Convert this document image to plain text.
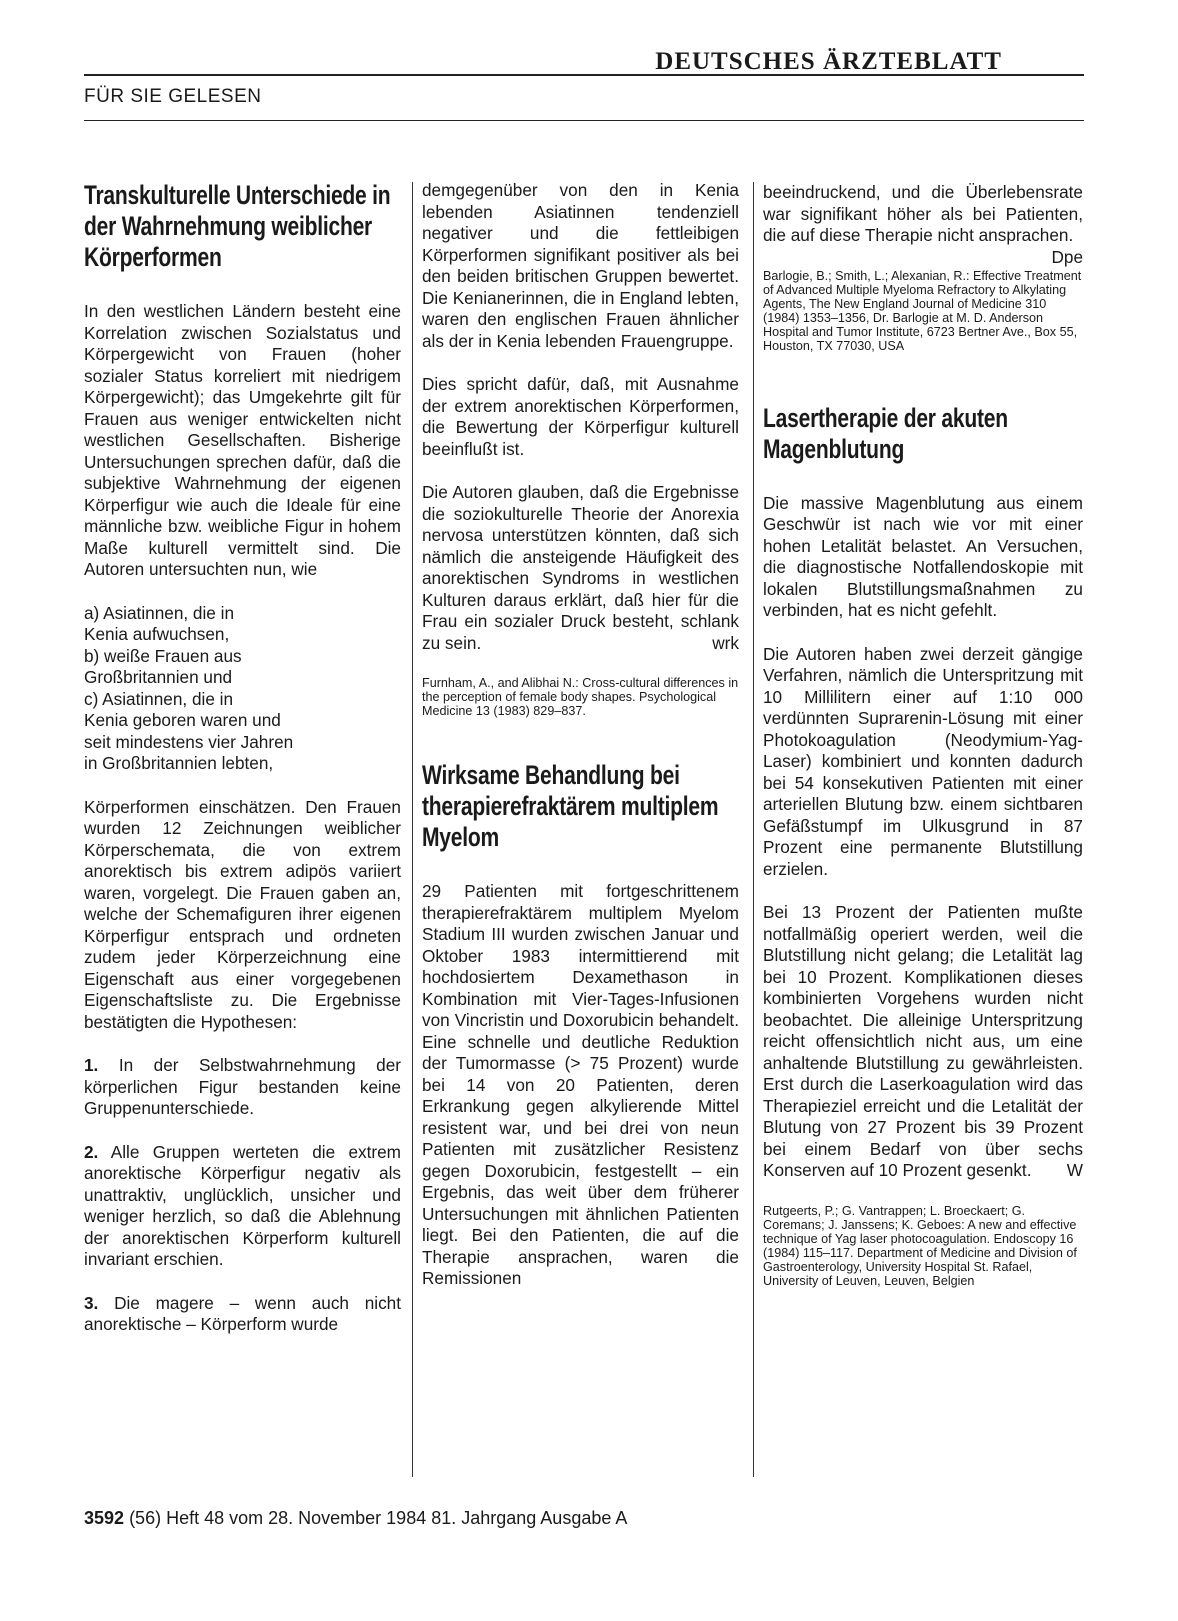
DEUTSCHES ÄRZTEBLATT
FÜR SIE GELESEN
Transkulturelle Unterschiede in der Wahrnehmung weiblicher Körperformen

In den westlichen Ländern besteht eine Korrelation zwischen Sozialstatus und Körpergewicht von Frauen (hoher sozialer Status korreliert mit niedrigem Körpergewicht); das Umgekehrte gilt für Frauen aus weniger entwickelten nicht westlichen Gesellschaften. Bisherige Untersuchungen sprechen dafür, daß die subjektive Wahrnehmung der eigenen Körperfigur wie auch die Ideale für eine männliche bzw. weibliche Figur in hohem Maße kulturell vermittelt sind. Die Autoren untersuchten nun, wie

a) Asiatinnen, die in
Kenia aufwuchsen,
b) weiße Frauen aus
Großbritannien und
c) Asiatinnen, die in
Kenia geboren waren und
seit mindestens vier Jahren
in Großbritannien lebten,

Körperformen einschätzen. Den Frauen wurden 12 Zeichnungen weiblicher Körperschemata, die von extrem anorektisch bis extrem adipös variiert waren, vorgelegt. Die Frauen gaben an, welche der Schemafiguren ihrer eigenen Körperfigur entsprach und ordneten zudem jeder Körperzeichnung eine Eigenschaft aus einer vorgegebenen Eigenschaftsliste zu. Die Ergebnisse bestätigten die Hypothesen:

1. In der Selbstwahrnehmung der körperlichen Figur bestanden keine Gruppenunterschiede.

2. Alle Gruppen werteten die extrem anorektische Körperfigur negativ als unattraktiv, unglücklich, unsicher und weniger herzlich, so daß die Ablehnung der anorektischen Körperform kulturell invariant erschien.

3. Die magere – wenn auch nicht anorektische – Körperform wurde

demgegenüber von den in Kenia lebenden Asiatinnen tendenziell negativer und die fettleibigen Körperformen signifikant positiver als bei den beiden britischen Gruppen bewertet. Die Kenianerinnen, die in England lebten, waren den englischen Frauen ähnlicher als der in Kenia lebenden Frauengruppe.

Dies spricht dafür, daß, mit Ausnahme der extrem anorektischen Körperformen, die Bewertung der Körperfigur kulturell beeinflußt ist.

Die Autoren glauben, daß die Ergebnisse die soziokulturelle Theorie der Anorexia nervosa unterstützen könnten, daß sich nämlich die ansteigende Häufigkeit des anorektischen Syndroms in westlichen Kulturen daraus erklärt, daß hier für die Frau ein sozialer Druck besteht, schlank zu sein.	wrk

Furnham, A., and Alibhai N.: Cross-cultural differences in the perception of female body shapes. Psychological Medicine 13 (1983) 829–837.
Wirksame Behandlung bei therapierefraktärem multiplem Myelom

29 Patienten mit fortgeschrittenem therapierefraktärem multiplem Myelom Stadium III wurden zwischen Januar und Oktober 1983 intermittierend mit hochdosiertem Dexamethason in Kombination mit Vier-Tages-Infusionen von Vincristin und Doxorubicin behandelt. Eine schnelle und deutliche Reduktion der Tumormasse (> 75 Prozent) wurde bei 14 von 20 Patienten, deren Erkrankung gegen alkylierende Mittel resistent war, und bei drei von neun Patienten mit zusätzlicher Resistenz gegen Doxorubicin, festgestellt – ein Ergebnis, das weit über dem früherer Untersuchungen mit ähnlichen Patienten liegt. Bei den Patienten, die auf die Therapie ansprachen, waren die Remissionen

beeindruckend, und die Überlebensrate war signifikant höher als bei Patienten, die auf diese Therapie nicht ansprachen.
Dpe

Barlogie, B.; Smith, L.; Alexanian, R.: Effective Treatment of Advanced Multiple Myeloma Refractory to Alkylating Agents, The New England Journal of Medicine 310 (1984) 1353–1356, Dr. Barlogie at M. D. Anderson Hospital and Tumor Institute, 6723 Bertner Ave., Box 55, Houston, TX 77030, USA
Lasertherapie der akuten Magenblutung

Die massive Magenblutung aus einem Geschwür ist nach wie vor mit einer hohen Letalität belastet. An Versuchen, die diagnostische Notfallendoskopie mit lokalen Blutstillungsmaßnahmen zu verbinden, hat es nicht gefehlt.

Die Autoren haben zwei derzeit gängige Verfahren, nämlich die Unterspritzung mit 10 Millilitern einer auf 1:10 000 verdünnten Suprarenin-Lösung mit einer Photokoagulation (Neodymium-Yag-Laser) kombiniert und konnten dadurch bei 54 konsekutiven Patienten mit einer arteriellen Blutung bzw. einem sichtbaren Gefäßstumpf im Ulkusgrund in 87 Prozent eine permanente Blutstillung erzielen.

Bei 13 Prozent der Patienten mußte notfallmäßig operiert werden, weil die Blutstillung nicht gelang; die Letalität lag bei 10 Prozent. Komplikationen dieses kombinierten Vorgehens wurden nicht beobachtet. Die alleinige Unterspritzung reicht offensichtlich nicht aus, um eine anhaltende Blutstillung zu gewährleisten. Erst durch die Laserkoagulation wird das Therapieziel erreicht und die Letalität der Blutung von 27 Prozent bis 39 Prozent bei einem Bedarf von über sechs Konserven auf 10 Prozent gesenkt. W

Rutgeerts, P.; G. Vantrappen; L. Broeckaert; G. Coremans; J. Janssens; K. Geboes: A new and effective technique of Yag laser photocoagulation. Endoscopy 16 (1984) 115–117. Department of Medicine and Division of Gastroenterology, University Hospital St. Rafael, University of Leuven, Leuven, Belgien
3592 (56) Heft 48 vom 28. November 1984 81. Jahrgang Ausgabe A
